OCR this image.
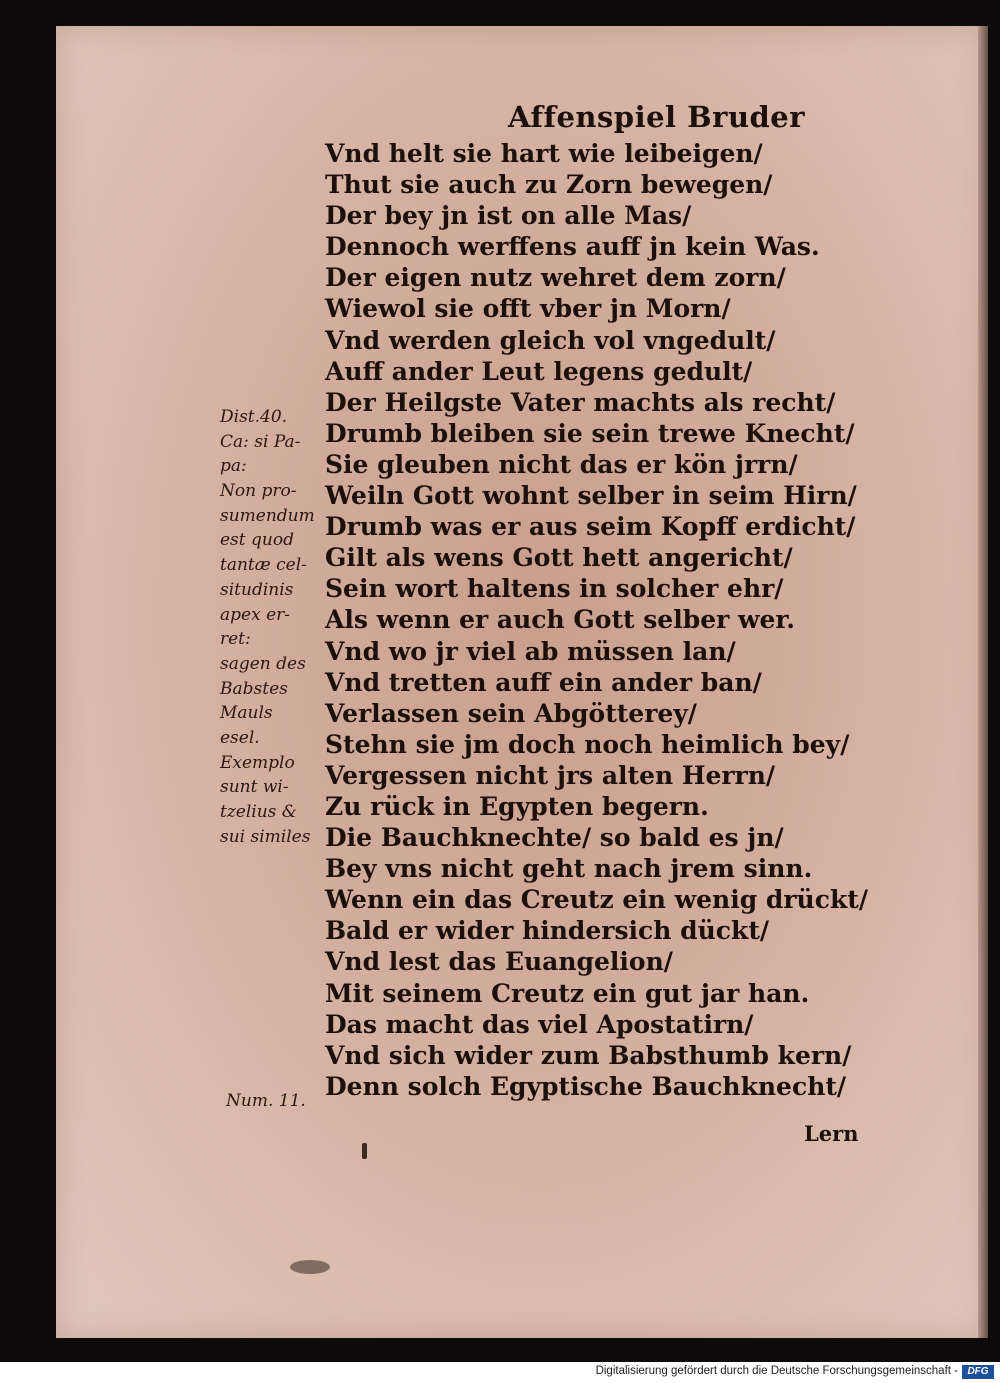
Affenspiel Bruder
Vnd helt sie hart wie leibeigen/
Thut sie auch zu Zorn bewegen/
Der bey jn ist on alle Mas/
Dennoch werffens auff jn kein Was.
Der eigen nutz wehret dem zorn/
Wiewol sie offt vber jn Morn/
Vnd werden gleich vol vngedult/
Auff ander Leut legens gedult/
Der Heilgste Vater machts als recht/
Drumb bleiben sie sein trewe Knecht/
Sie gleuben nicht das er kön jrrn/
Weiln Gott wohnt selber in seim Hirn/
Drumb was er aus seim Kopff erdicht/
Gilt als wens Gott hett angericht/
Sein wort haltens in solcher ehr/
Als wenn er auch Gott selber wer.
Vnd wo jr viel ab müssen lan/
Vnd tretten auff ein ander ban/
Verlassen sein Abgötterey/
Stehn sie jm doch noch heimlich bey/
Vergessen nicht jrs alten Herrn/
Zu rück in Egypten begern.
Die Bauchknechte/ so bald es jn/
Bey vns nicht geht nach jrem sinn.
Wenn ein das Creutz ein wenig drückt/
Bald er wider hindersich dückt/
Vnd lest das Euangelion/
Mit seinem Creutz ein gut jar han.
Das macht das viel Apostatirn/
Vnd sich wider zum Babsthumb kern/
Denn solch Egyptische Bauchknecht/
Lern
Dist.40.
Ca: si Pa-
pa:
Non pro-
sumendum
est quod
tantæ cel-
situdinis
apex er-
ret:
sagen des
Babstes
Mauls
esel.
Exemplo
sunt wi-
tzelius &
sui similes
Num. 11.
Digitalisierung gefördert durch die Deutsche Forschungsgemeinschaft - DFG
